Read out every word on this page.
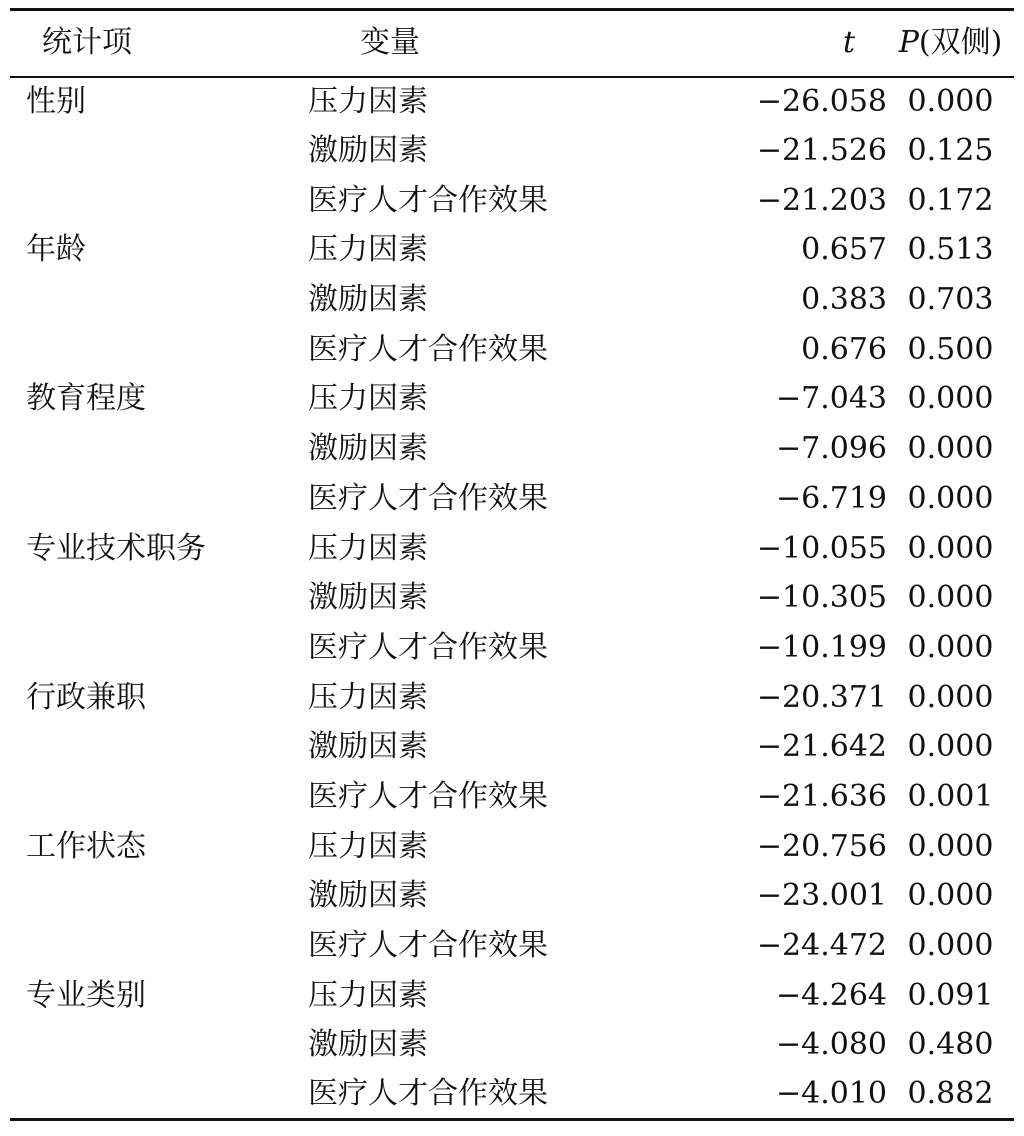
统计项	变量	t	P(双侧)
性别	压力因素	−26.058	0.000
	激励因素	−21.526	0.125
	医疗人才合作效果	−21.203	0.172
年龄	压力因素	0.657	0.513
	激励因素	0.383	0.703
	医疗人才合作效果	0.676	0.500
教育程度	压力因素	−7.043	0.000
	激励因素	−7.096	0.000
	医疗人才合作效果	−6.719	0.000
专业技术职务	压力因素	−10.055	0.000
	激励因素	−10.305	0.000
	医疗人才合作效果	−10.199	0.000
行政兼职	压力因素	−20.371	0.000
	激励因素	−21.642	0.000
	医疗人才合作效果	−21.636	0.001
工作状态	压力因素	−20.756	0.000
	激励因素	−23.001	0.000
	医疗人才合作效果	−24.472	0.000
专业类别	压力因素	−4.264	0.091
	激励因素	−4.080	0.480
	医疗人才合作效果	−4.010	0.882
